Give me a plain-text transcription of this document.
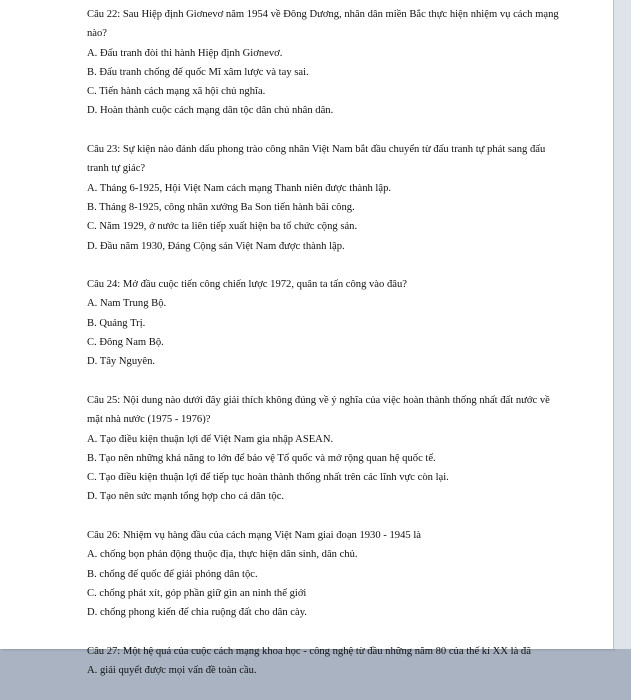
Câu 22: Sau Hiệp định Giơnevơ năm 1954 về Đông Dương, nhân dân miền Bắc thực hiện nhiệm vụ cách mạng nào?

A. Đấu tranh đòi thi hành Hiệp định Giơnevơ.

B. Đấu tranh chống đế quốc Mĩ xâm lược và tay sai.

C. Tiến hành cách mạng xã hội chủ nghĩa.

D. Hoàn thành cuộc cách mạng dân tộc dân chủ nhân dân.

Câu 23: Sự kiện nào đánh dấu phong trào công nhân Việt Nam bắt đầu chuyển từ đấu tranh tự phát sang đấu tranh tự giác?

A. Tháng 6-1925, Hội Việt Nam cách mạng Thanh niên được thành lập.

B. Tháng 8-1925, công nhân xưởng Ba Son tiến hành bãi công.

C. Năm 1929, ở nước ta liên tiếp xuất hiện ba tổ chức cộng sản.

D. Đầu năm 1930, Đảng Cộng sản Việt Nam được thành lập.

Câu 24: Mở đầu cuộc tiến công chiến lược 1972, quân ta tấn công vào đâu?

A. Nam Trung Bộ.

B. Quảng Trị.

C. Đông Nam Bộ.

D. Tây Nguyên.

Câu 25: Nội dung nào dưới đây giải thích không đúng về ý nghĩa của việc hoàn thành thống nhất đất nước về mặt nhà nước (1975 - 1976)?

A. Tạo điều kiện thuận lợi để Việt Nam gia nhập ASEAN.

B. Tạo nên những khả năng to lớn để bảo vệ Tổ quốc và mở rộng quan hệ quốc tế.

C. Tạo điều kiện thuận lợi để tiếp tục hoàn thành thống nhất trên các lĩnh vực còn lại.

D. Tạo nên sức mạnh tổng hợp cho cả dân tộc.

Câu 26: Nhiệm vụ hàng đầu của cách mạng Việt Nam giai đoạn 1930 - 1945 là

A. chống bọn phản động thuộc địa, thực hiện dân sinh, dân chủ.

B. chống đế quốc để giải phóng dân tộc.

C. chống phát xít, góp phần giữ gìn an ninh thế giới

D. chống phong kiến để chia ruộng đất cho dân cày.

Câu 27: Một hệ quả của cuộc cách mạng khoa học - công nghệ từ đầu những năm 80 của thế kỉ XX là đã

A. giải quyết được mọi vấn đề toàn cầu.
